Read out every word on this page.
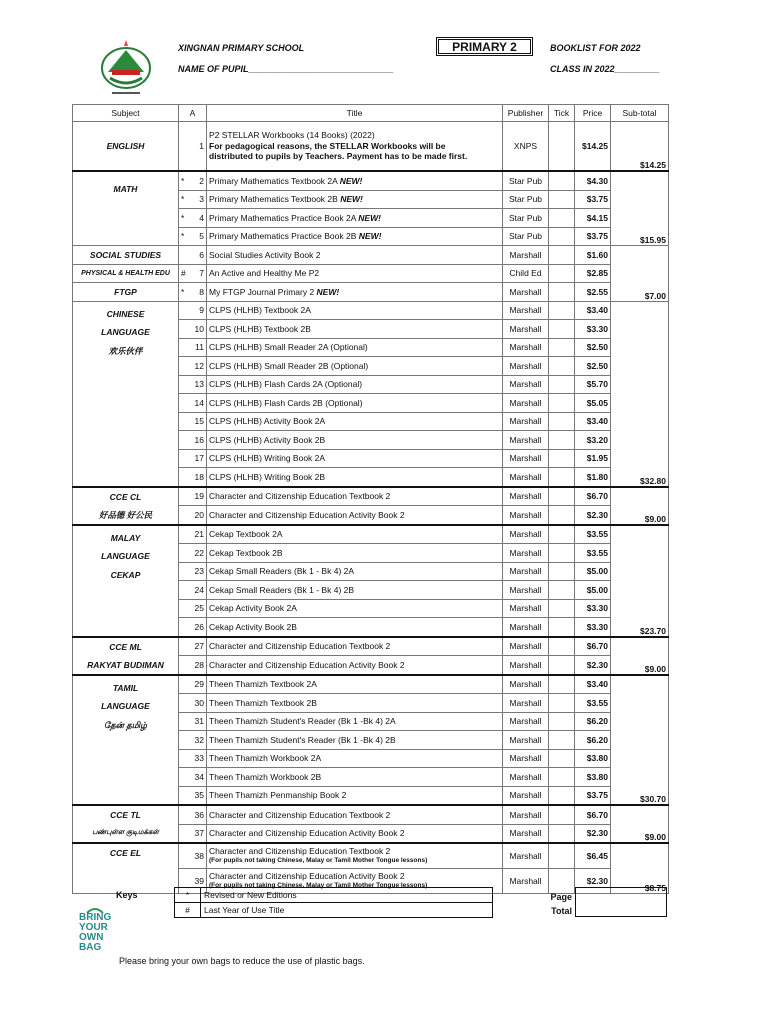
XINGNAN PRIMARY SCHOOL
NAME OF PUPIL_____________________________
PRIMARY 2	BOOKLIST FOR 2022
CLASS IN 2022_________
Subject	A	Title	Publisher	Tick	Price	Sub-total
ENGLISH	1	P2 STELLAR Workbooks (14 Books) (2022)
For pedagogical reasons, the STELLAR Workbooks will be
distributed to pupils by Teachers. Payment has to be made first.	XNPS		$14.25	$14.25
MATH	* 2	Primary Mathematics Textbook 2A NEW!	Star Pub		$4.30	$15.95

	* 3	Primary Mathematics Textbook 2B NEW!	Star Pub		$3.75	

	* 4	Primary Mathematics Practice Book 2A NEW!	Star Pub		$4.15	

	* 5	Primary Mathematics Practice Book 2B NEW!	Star Pub		$3.75	
SOCIAL STUDIES	6	Social Studies Activity Book 2	Marshall		$1.60	$7.00
PHYSICAL & HEALTH EDU	# 7	An Active and Healthy Me P2	Child Ed		$2.85	
FTGP	* 8	My FTGP Journal Primary 2 NEW!	Marshall		$2.55	

CHINESE
LANGUAGE
欢乐伙伴	9	CLPS (HLHB) Textbook 2A	Marshall		$3.40	$32.80
	10	CLPS (HLHB) Textbook 2B	Marshall		$3.30	
	11	CLPS (HLHB) Small Reader 2A (Optional)	Marshall		$2.50	
	12	CLPS (HLHB) Small Reader 2B (Optional)	Marshall		$2.50	
	13	CLPS (HLHB) Flash Cards 2A (Optional)	Marshall		$5.70	
	14	CLPS (HLHB) Flash Cards 2B (Optional)	Marshall		$5.05	
	15	CLPS (HLHB) Activity Book 2A	Marshall		$3.40	
	16	CLPS (HLHB) Activity Book 2B	Marshall		$3.20	
	17	CLPS (HLHB) Writing Book 2A	Marshall		$1.95	
	18	CLPS (HLHB) Writing Book 2B	Marshall		$1.80	

CCE CL
好品德 好公民	19	Character and Citizenship Education Textbook 2	Marshall		$6.70	$9.00
	20	Character and Citizenship Education Activity Book 2	Marshall		$2.30	

MALAY
LANGUAGE
CEKAP	21	Cekap Textbook 2A	Marshall		$3.55	$23.70
	22	Cekap Textbook 2B	Marshall		$3.55	
	23	Cekap Small Readers (Bk 1 - Bk 4) 2A	Marshall		$5.00	
	24	Cekap Small Readers (Bk 1 - Bk 4) 2B	Marshall		$5.00	
	25	Cekap Activity Book 2A	Marshall		$3.30	
	26	Cekap Activity Book 2B	Marshall		$3.30	

CCE ML
RAKYAT BUDIMAN	27	Character and Citizenship Education Textbook 2	Marshall		$6.70	$9.00
	28	Character and Citizenship Education Activity Book 2	Marshall		$2.30	

TAMIL
LANGUAGE
தேன் தமிழ்	29	Theen Thamizh Textbook 2A	Marshall		$3.40	$30.70
	30	Theen Thamizh Textbook 2B	Marshall		$3.55	
	31	Theen Thamizh Student's Reader (Bk 1 -Bk 4) 2A	Marshall		$6.20	
	32	Theen Thamizh Student's Reader (Bk 1 -Bk 4) 2B	Marshall		$6.20	
	33	Theen Thamizh Workbook 2A	Marshall		$3.80	
	34	Theen Thamizh Workbook 2B	Marshall		$3.80	
	35	Theen Thamizh Penmanship Book 2	Marshall		$3.75	

CCE TL
பண்புள்ள குடிமக்கள்	36	Character and Citizenship Education Textbook 2	Marshall		$6.70	$9.00
	37	Character and Citizenship Education Activity Book 2	Marshall		$2.30	
CCE EL	38	Character and Citizenship Education Textbook 2
(For pupils not taking Chinese, Malay or Tamil Mother Tongue lessons)	Marshall		$6.45	$8.75
	39	Character and Citizenship Education Activity Book 2
(For pupils not taking Chinese, Malay or Tamil Mother Tongue lessons)	Marshall		$2.30	
Keys	*	Revised or New Editions
#	Last Year of Use Title
Page
Total
BRING
YOUR
OWN
BAG
Please bring your own bags to reduce the use of plastic bags.
